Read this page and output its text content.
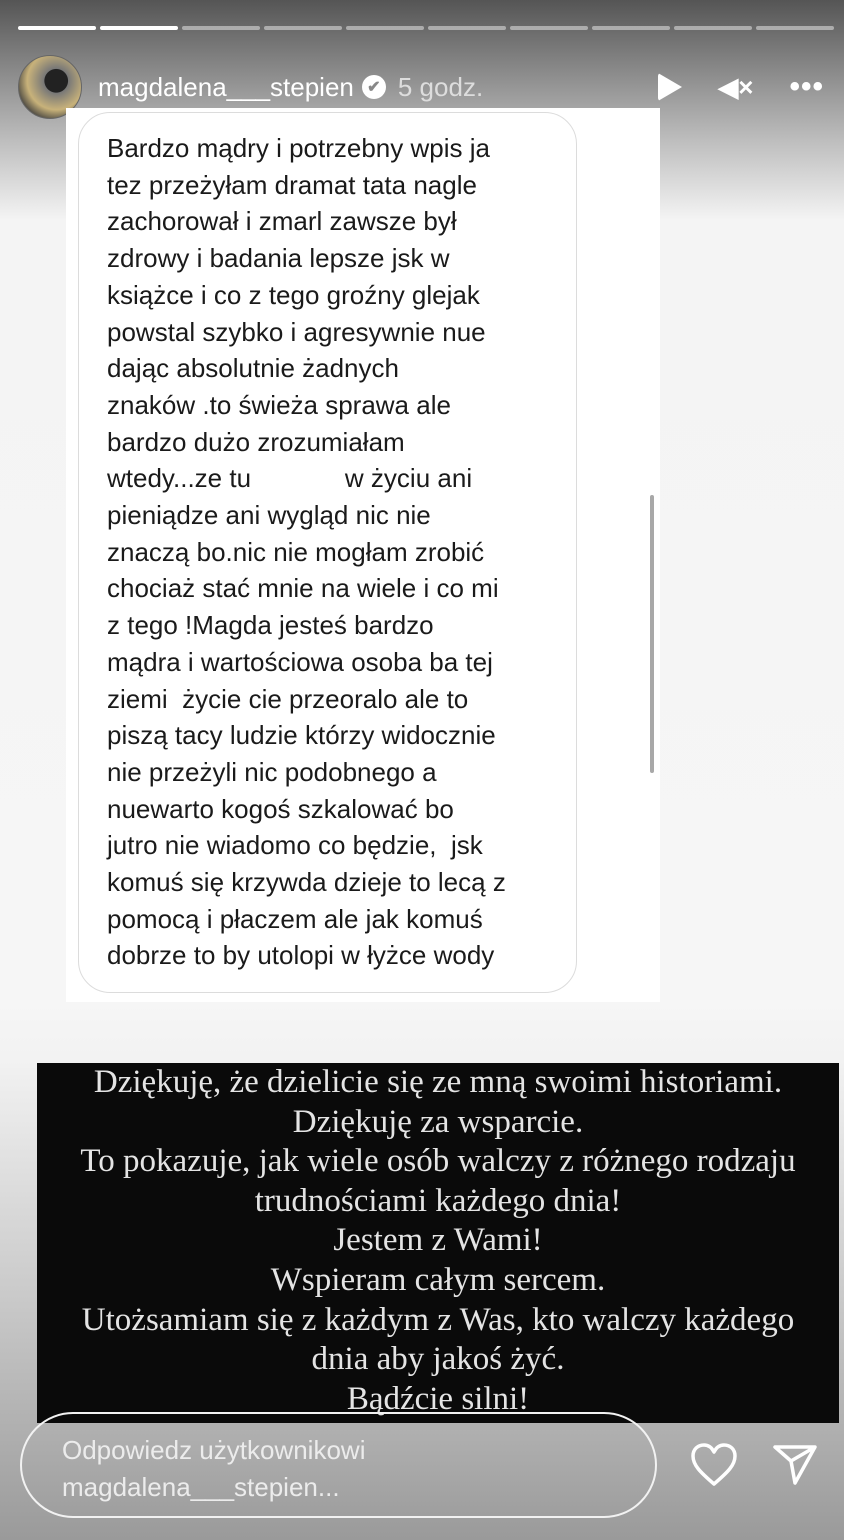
magdalena___stepien ✔ 5 godz.	◀× •••
Bardzo mądry i potrzebny wpis ja
tez przeżyłam dramat tata nagle
zachorował i zmarl zawsze był
zdrowy i badania lepsze jsk w
książce i co z tego groźny glejak
powstal szybko i agresywnie nue
dając absolutnie żadnych
znaków .to świeża sprawa ale
bardzo dużo zrozumiałam
wtedy...ze tu             w życiu ani
pieniądze ani wygląd nic nie
znaczą bo.nic nie mogłam zrobić
chociaż stać mnie na wiele i co mi
z tego !Magda jesteś bardzo
mądra i wartościowa osoba ba tej
ziemi  życie cie przeoralo ale to
piszą tacy ludzie którzy widocznie
nie przeżyli nic podobnego a
nuewarto kogoś szkalować bo
jutro nie wiadomo co będzie,  jsk
komuś się krzywda dzieje to lecą z
pomocą i płaczem ale jak komuś
dobrze to by utolopi w łyżce wody
Dziękuję, że dzielicie się ze mną swoimi historiami.
Dziękuję za wsparcie.
To pokazuje, jak wiele osób walczy z różnego rodzaju
trudnościami każdego dnia!
Jestem z Wami!
Wspieram całym sercem.
Utożsamiam się z każdym z Was, kto walczy każdego
dnia aby jakoś żyć.
Bądźcie silni!
Odpowiedz użytkownikowi
magdalena___stepien...
